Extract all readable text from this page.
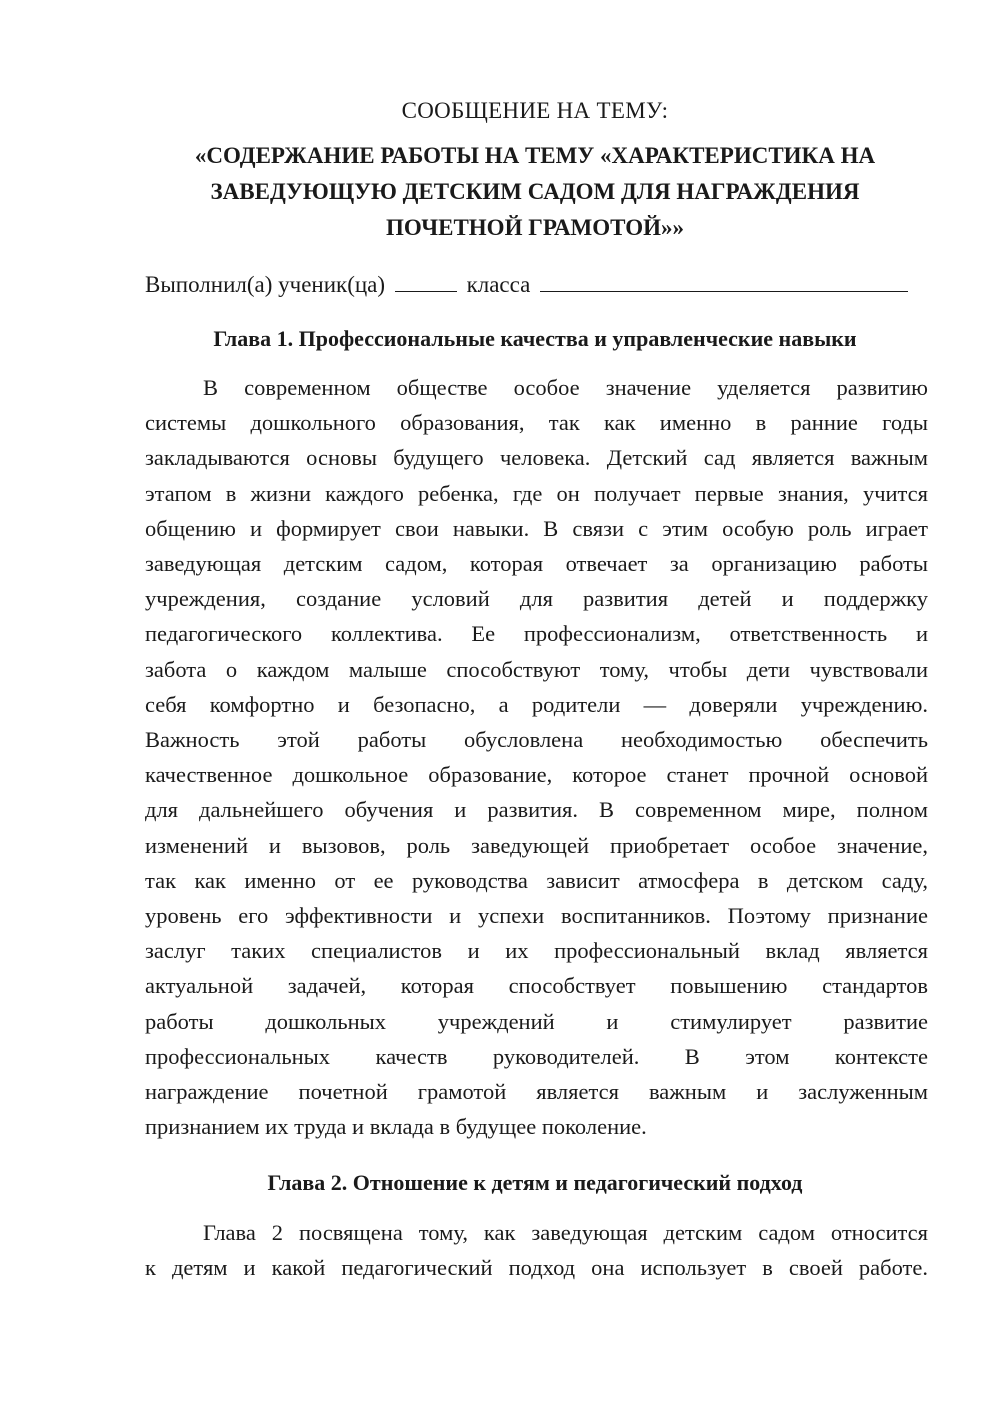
СООБЩЕНИЕ НА ТЕМУ:

«СОДЕРЖАНИЕ РАБОТЫ НА ТЕМУ «ХАРАКТЕРИСТИКА НА
ЗАВЕДУЮЩУЮ ДЕТСКИМ САДОМ ДЛЯ НАГРАЖДЕНИЯ
ПОЧЕТНОЙ ГРАМОТОЙ»»
Выполнил(а) ученик(ца)	класса
Глава 1. Профессиональные качества и управленческие навыки
В современном обществе особое значение уделяется развитию
системы дошкольного образования, так как именно в ранние годы
закладываются основы будущего человека. Детский сад является важным
этапом в жизни каждого ребенка, где он получает первые знания, учится
общению и формирует свои навыки. В связи с этим особую роль играет
заведующая детским садом, которая отвечает за организацию работы
учреждения, создание условий для развития детей и поддержку
педагогического коллектива. Ее профессионализм, ответственность и
забота о каждом малыше способствуют тому, чтобы дети чувствовали
себя комфортно и безопасно, а родители — доверяли учреждению.
Важность этой работы обусловлена необходимостью обеспечить
качественное дошкольное образование, которое станет прочной основой
для дальнейшего обучения и развития. В современном мире, полном
изменений и вызовов, роль заведующей приобретает особое значение,
так как именно от ее руководства зависит атмосфера в детском саду,
уровень его эффективности и успехи воспитанников. Поэтому признание
заслуг таких специалистов и их профессиональный вклад является
актуальной задачей, которая способствует повышению стандартов
работы дошкольных учреждений и стимулирует развитие
профессиональных качеств руководителей. В этом контексте
награждение почетной грамотой является важным и заслуженным
признанием их труда и вклада в будущее поколение.
Глава 2. Отношение к детям и педагогический подход
Глава 2 посвящена тому, как заведующая детским садом относится
к детям и какой педагогический подход она использует в своей работе.
